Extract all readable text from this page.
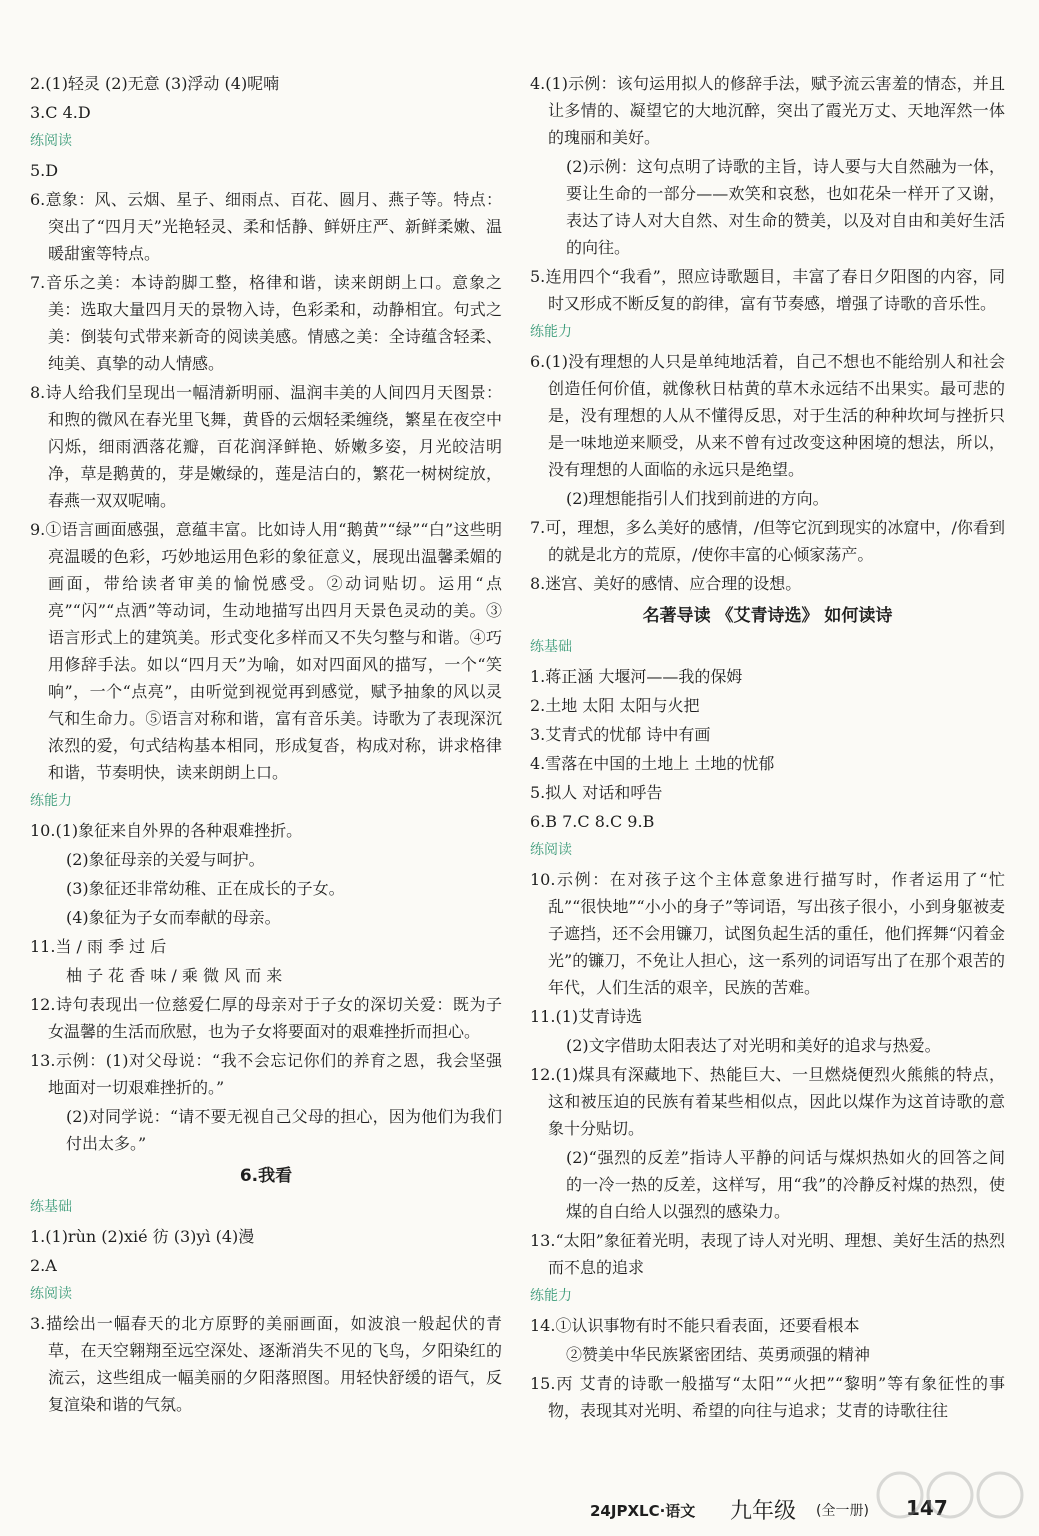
2.(1)轻灵 (2)无意 (3)浮动 (4)呢喃
3.C 4.D
练阅读
5.D
6.意象：风、云烟、星子、细雨点、百花、圆月、燕子等。特点：突出了“四月天”光艳轻灵、柔和恬静、鲜妍庄严、新鲜柔嫩、温暖甜蜜等特点。
7.音乐之美：本诗韵脚工整，格律和谐，读来朗朗上口。意象之美：选取大量四月天的景物入诗，色彩柔和，动静相宜。句式之美：倒装句式带来新奇的阅读美感。情感之美：全诗蕴含轻柔、纯美、真挚的动人情感。
8.诗人给我们呈现出一幅清新明丽、温润丰美的人间四月天图景：和煦的微风在春光里飞舞，黄昏的云烟轻柔缠绕，繁星在夜空中闪烁，细雨洒落花瓣，百花润泽鲜艳、娇嫩多姿，月光皎洁明净，草是鹅黄的，芽是嫩绿的，莲是洁白的，繁花一树树绽放，春燕一双双呢喃。
9.①语言画面感强，意蕴丰富。比如诗人用“鹅黄”“绿”“白”这些明亮温暖的色彩，巧妙地运用色彩的象征意义，展现出温馨柔媚的画面，带给读者审美的愉悦感受。②动词贴切。运用“点亮”“闪”“点洒”等动词，生动地描写出四月天景色灵动的美。③语言形式上的建筑美。形式变化多样而又不失匀整与和谐。④巧用修辞手法。如以“四月天”为喻，如对四面风的描写，一个“笑响”，一个“点亮”，由听觉到视觉再到感觉，赋予抽象的风以灵气和生命力。⑤语言对称和谐，富有音乐美。诗歌为了表现深沉浓烈的爱，句式结构基本相同，形成复沓，构成对称，讲求格律和谐，节奏明快，读来朗朗上口。
练能力
10.(1)象征来自外界的各种艰难挫折。
(2)象征母亲的关爱与呵护。
(3)象征还非常幼稚、正在成长的子女。
(4)象征为子女而奉献的母亲。
11.当 / 雨 季 过 后
柚 子 花 香 味 / 乘 微 风 而 来
12.诗句表现出一位慈爱仁厚的母亲对于子女的深切关爱：既为子女温馨的生活而欣慰，也为子女将要面对的艰难挫折而担心。
13.示例：(1)对父母说：“我不会忘记你们的养育之恩，我会坚强地面对一切艰难挫折的。”
(2)对同学说：“请不要无视自己父母的担心，因为他们为我们付出太多。”
6.我看
练基础
1.(1)rùn (2)xié 彷 (3)yì (4)漫
2.A
练阅读
3.描绘出一幅春天的北方原野的美丽画面，如波浪一般起伏的青草，在天空翱翔至远空深处、逐渐消失不见的飞鸟，夕阳染红的流云，这些组成一幅美丽的夕阳落照图。用轻快舒缓的语气，反复渲染和谐的气氛。
4.(1)示例：该句运用拟人的修辞手法，赋予流云害羞的情态，并且让多情的、凝望它的大地沉醉，突出了霞光万丈、天地浑然一体的瑰丽和美好。
(2)示例：这句点明了诗歌的主旨，诗人要与大自然融为一体，要让生命的一部分——欢笑和哀愁，也如花朵一样开了又谢，表达了诗人对大自然、对生命的赞美，以及对自由和美好生活的向往。
5.连用四个“我看”，照应诗歌题目，丰富了春日夕阳图的内容，同时又形成不断反复的韵律，富有节奏感，增强了诗歌的音乐性。
练能力
6.(1)没有理想的人只是单纯地活着，自己不想也不能给别人和社会创造任何价值，就像秋日枯黄的草木永远结不出果实。最可悲的是，没有理想的人从不懂得反思，对于生活的种种坎坷与挫折只是一味地逆来顺受，从来不曾有过改变这种困境的想法，所以，没有理想的人面临的永远只是绝望。
(2)理想能指引人们找到前进的方向。
7.可，理想，多么美好的感情，/但等它沉到现实的冰窟中，/你看到的就是北方的荒原，/使你丰富的心倾家荡产。
8.迷宫、美好的感情、应合理的设想。
名著导读 《艾青诗选》 如何读诗
练基础
1.蒋正涵 大堰河——我的保姆
2.土地 太阳 太阳与火把
3.艾青式的忧郁 诗中有画
4.雪落在中国的土地上 土地的忧郁
5.拟人 对话和呼告
6.B 7.C 8.C 9.B
练阅读
10.示例：在对孩子这个主体意象进行描写时，作者运用了“忙乱”“很快地”“小小的身子”等词语，写出孩子很小，小到身躯被麦子遮挡，还不会用镰刀，试图负起生活的重任，他们挥舞“闪着金光”的镰刀，不免让人担心，这一系列的词语写出了在那个艰苦的年代，人们生活的艰辛，民族的苦难。
11.(1)艾青诗选
(2)文字借助太阳表达了对光明和美好的追求与热爱。
12.(1)煤具有深藏地下、热能巨大、一旦燃烧便烈火熊熊的特点，这和被压迫的民族有着某些相似点，因此以煤作为这首诗歌的意象十分贴切。
(2)“强烈的反差”指诗人平静的问话与煤炽热如火的回答之间的一冷一热的反差，这样写，用“我”的冷静反衬煤的热烈，使煤的自白给人以强烈的感染力。
13.“太阳”象征着光明，表现了诗人对光明、理想、美好生活的热烈而不息的追求
练能力
14.①认识事物有时不能只看表面，还要看根本
②赞美中华民族紧密团结、英勇顽强的精神
15.丙 艾青的诗歌一般描写“太阳”“火把”“黎明”等有象征性的事物，表现其对光明、希望的向往与追求；艾青的诗歌往往
24JPXLC·语文 九年级 (全一册) 147
